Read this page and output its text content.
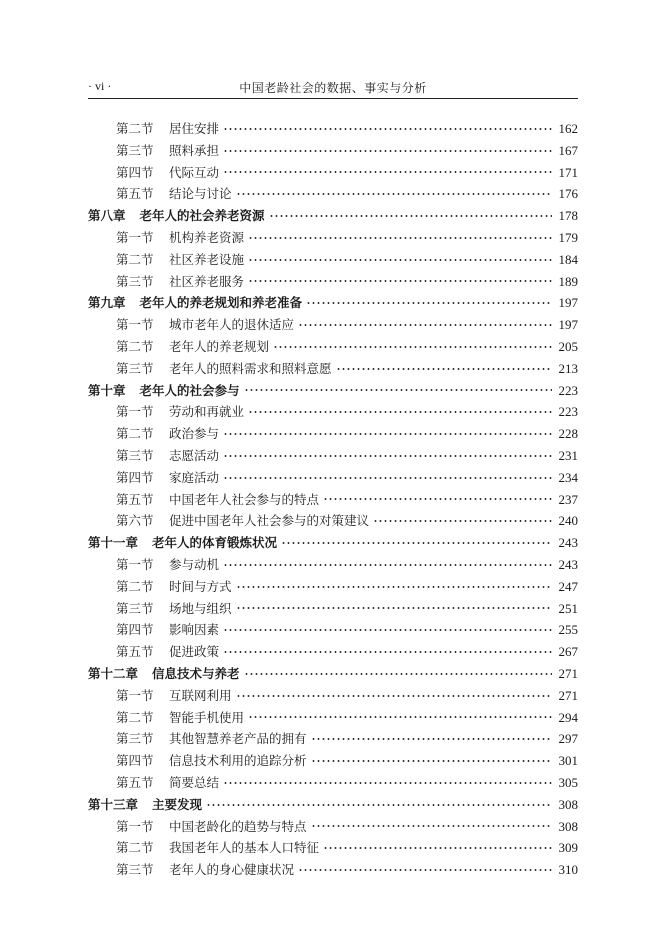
· vi ·	中国老龄社会的数据、事实与分析
第二节	居住安排	162
第三节	照料承担	167
第四节	代际互动	171
第五节	结论与讨论	176
第八章 老年人的社会养老资源	178
第一节	机构养老资源	179
第二节	社区养老设施	184
第三节	社区养老服务	189
第九章 老年人的养老规划和养老准备	197
第一节	城市老年人的退休适应	197
第二节	老年人的养老规划	205
第三节	老年人的照料需求和照料意愿	213
第十章 老年人的社会参与	223
第一节	劳动和再就业	223
第二节	政治参与	228
第三节	志愿活动	231
第四节	家庭活动	234
第五节	中国老年人社会参与的特点	237
第六节	促进中国老年人社会参与的对策建议	240
第十一章 老年人的体育锻炼状况	243
第一节	参与动机	243
第二节	时间与方式	247
第三节	场地与组织	251
第四节	影响因素	255
第五节	促进政策	267
第十二章 信息技术与养老	271
第一节	互联网利用	271
第二节	智能手机使用	294
第三节	其他智慧养老产品的拥有	297
第四节	信息技术利用的追踪分析	301
第五节	简要总结	305
第十三章 主要发现	308
第一节	中国老龄化的趋势与特点	308
第二节	我国老年人的基本人口特征	309
第三节	老年人的身心健康状况	310
